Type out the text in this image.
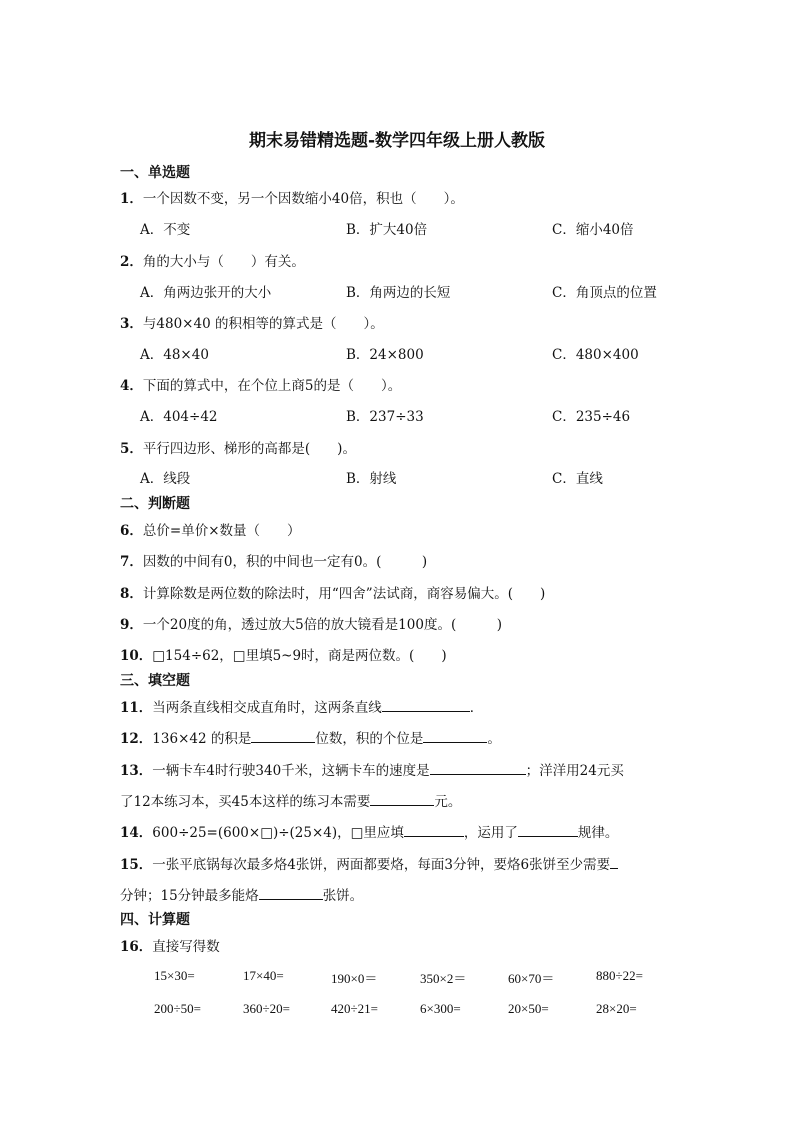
期末易错精选题-数学四年级上册人教版
一、单选题
1．一个因数不变，另一个因数缩小40倍，积也（　　）。
A．不变	B．扩大40倍	C．缩小40倍
2．角的大小与（　　）有关。
A．角两边张开的大小	B．角两边的长短	C．角顶点的位置
3．与480×40 的积相等的算式是（　　）。
A．48×40	B．24×800	C．480×400
4．下面的算式中，在个位上商5的是（　　）。
A．404÷42	B．237÷33	C．235÷46
5．平行四边形、梯形的高都是(　　)。
A．线段	B．射线	C．直线
二、判断题
6．总价=单价×数量（　　）
7．因数的中间有0，积的中间也一定有0。(　　　)
8．计算除数是两位数的除法时，用“四舍”法试商，商容易偏大。(　　)
9．一个20度的角，透过放大5倍的放大镜看是100度。(　　　)
10．□154÷62，□里填5~9时，商是两位数。(　　)
三、填空题
11．当两条直线相交成直角时，这两条直线	．
12．136×42 的积是	位数，积的个位是	。
13．一辆卡车4时行驶340千米，这辆卡车的速度是	；洋洋用24元买
了12本练习本，买45本这样的练习本需要	元。
14．600÷25=(600×□)÷(25×4)，□里应填	，运用了	规律。
15．一张平底锅每次最多烙4张饼，两面都要烙，每面3分钟，要烙6张饼至少需要
分钟；15分钟最多能烙	张饼。
四、计算题
16．直接写得数
15×30=	17×40=	190×0＝	350×2＝	60×70＝	880÷22=
200÷50=	360÷20=	420÷21=	6×300=	20×50=	28×20=
